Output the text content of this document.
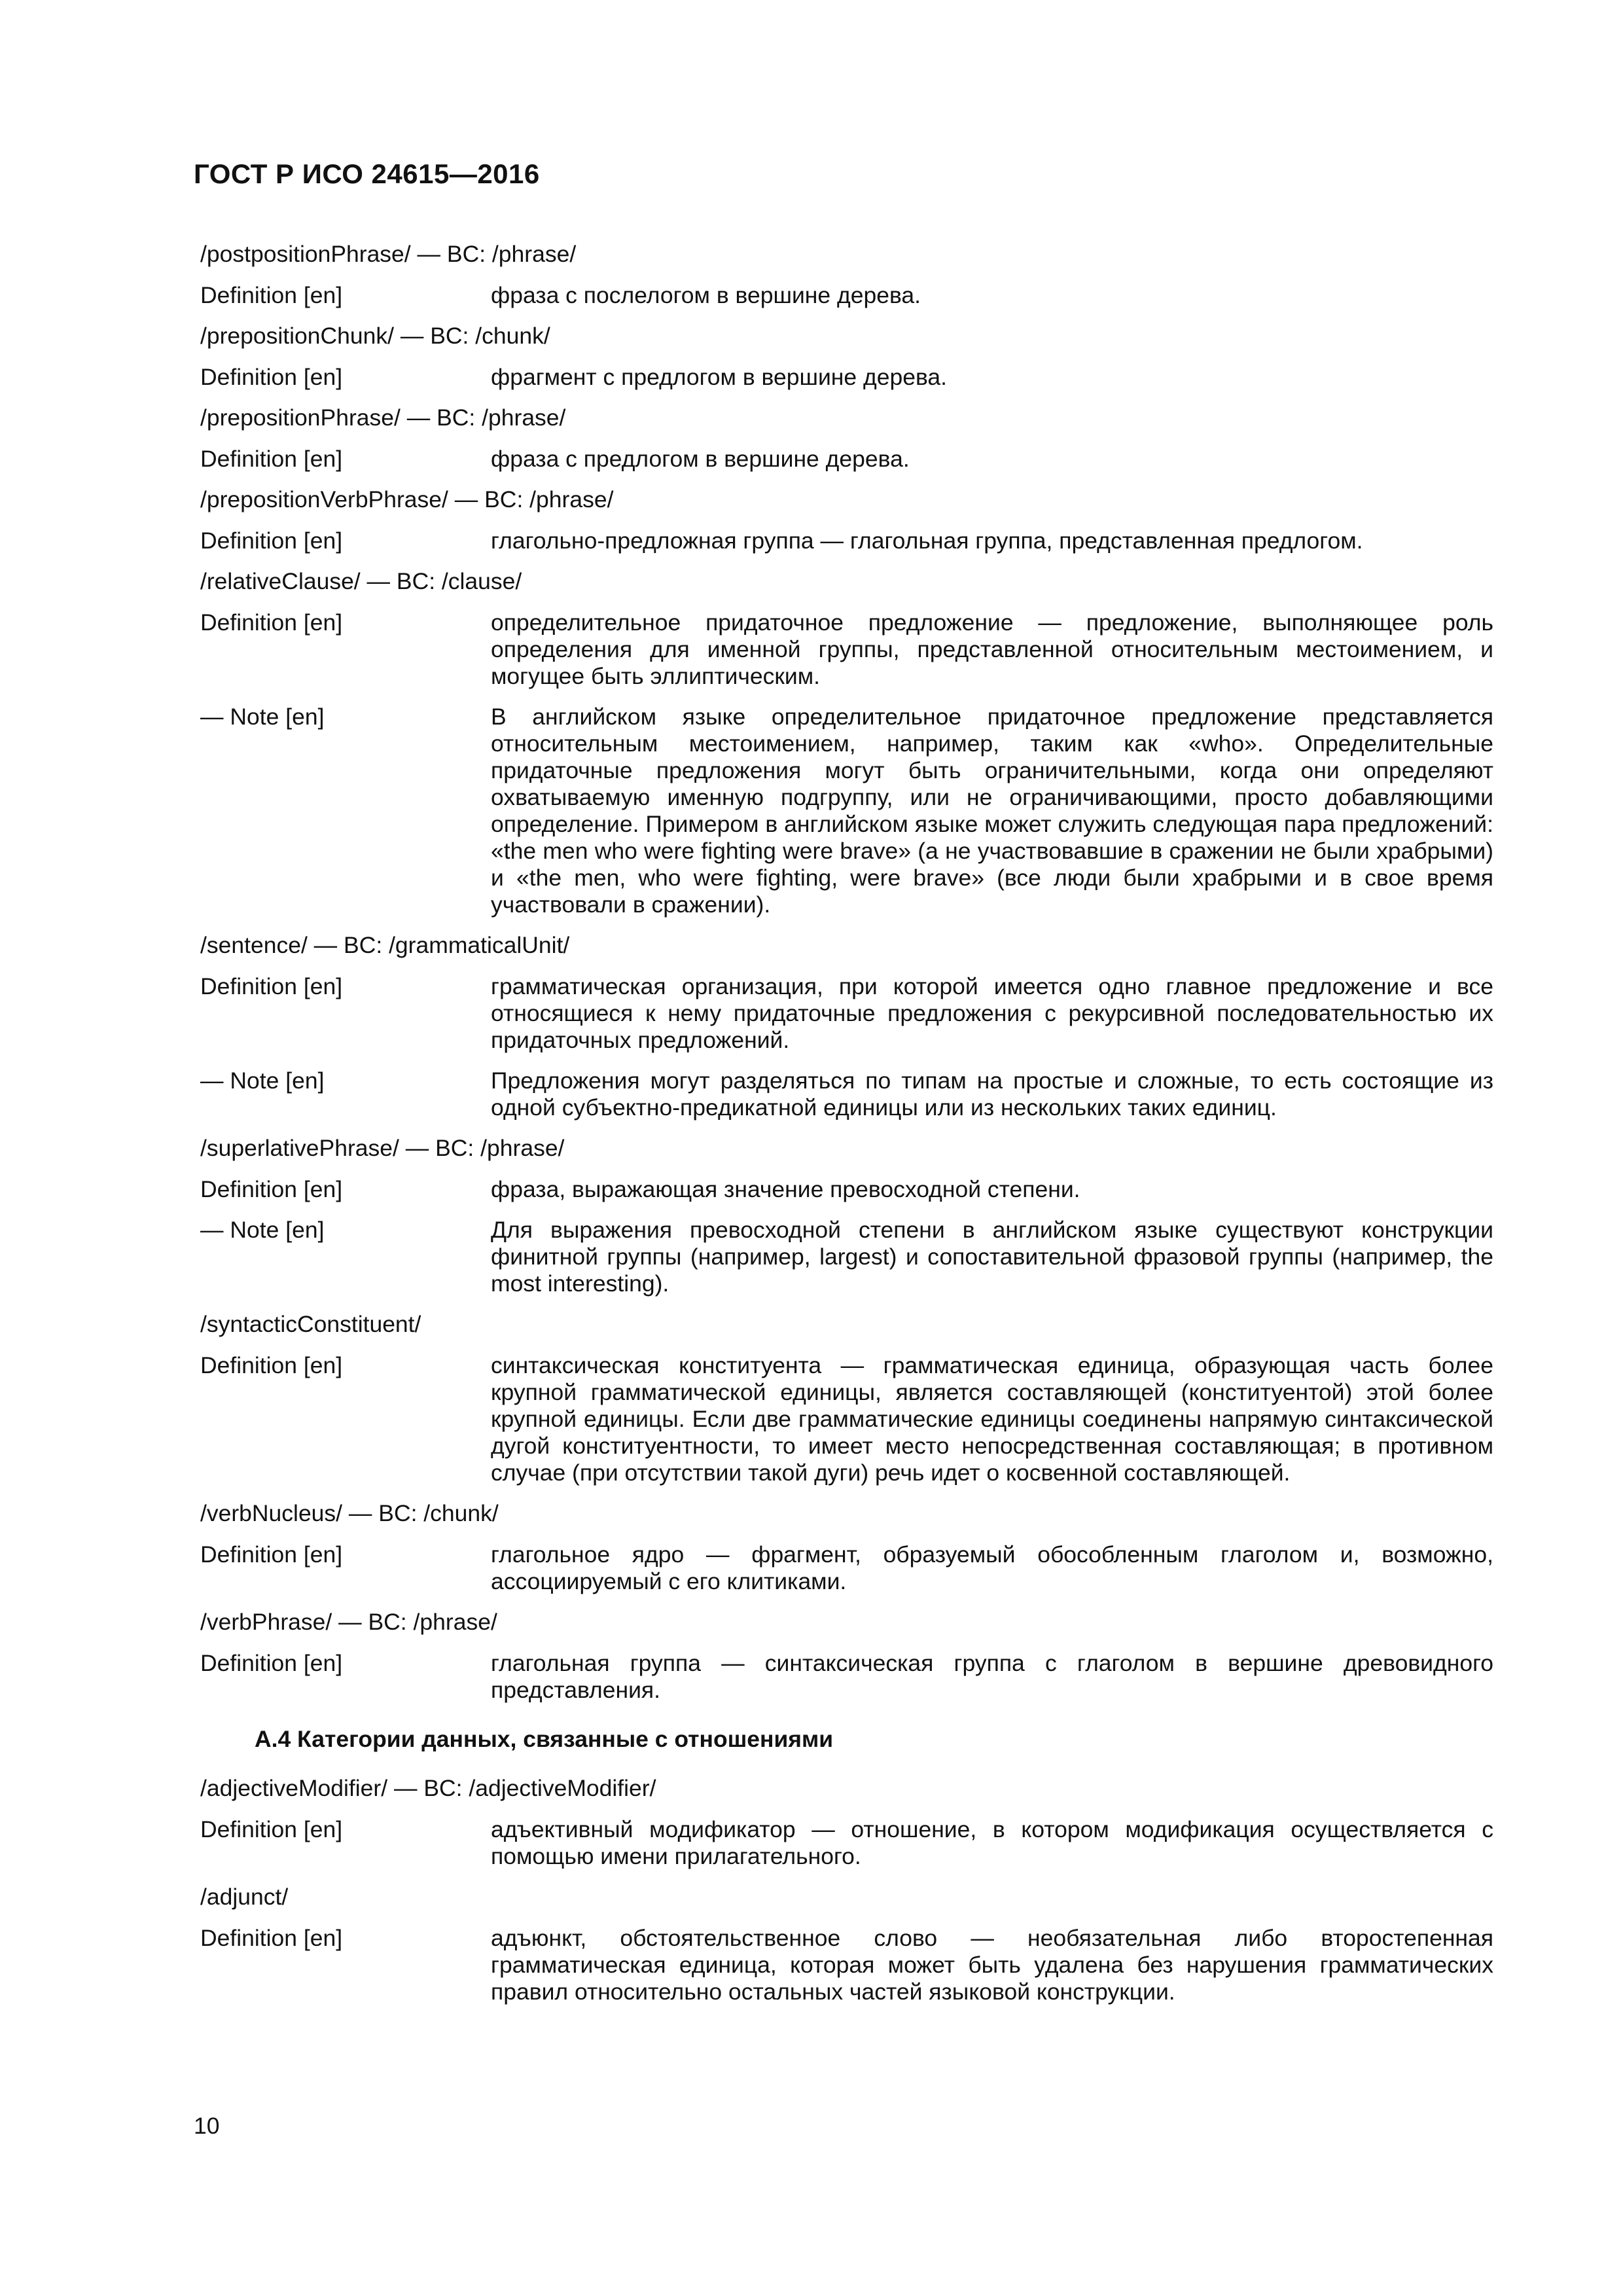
ГОСТ Р ИСО 24615—2016
/postpositionPhrase/ — BC: /phrase/
Definition [en]	фраза с послелогом в вершине дерева.
/prepositionChunk/ — BC: /chunk/
Definition [en]	фрагмент с предлогом в вершине дерева.
/prepositionPhrase/ — BC: /phrase/
Definition [en]	фраза с предлогом в вершине дерева.
/prepositionVerbPhrase/ — BC: /phrase/
Definition [en]	глагольно-предложная группа — глагольная группа, представленная предлогом.
/relativeClause/ — BC: /clause/
Definition [en]	определительное придаточное предложение — предложение, выполняющее роль определения для именной группы, представленной относительным местоимением, и могущее быть эллиптическим.
— Note [en]	В английском языке определительное придаточное предложение представляется относительным местоимением, например, таким как «who». Определительные придаточные предложения могут быть ограничительными, когда они определяют охватываемую именную подгруппу, или не ограничивающими, просто добавляющими определение. Примером в английском языке может служить следующая пара предложений: «the men who were fighting were brave» (а не участвовавшие в сражении не были храбрыми) и «the men, who were fighting, were brave» (все люди были храбрыми и в свое время участвовали в сражении).
/sentence/ — BC: /grammaticalUnit/
Definition [en]	грамматическая организация, при которой имеется одно главное предложение и все относящиеся к нему придаточные предложения с рекурсивной последовательностью их придаточных предложений.
— Note [en]	Предложения могут разделяться по типам на простые и сложные, то есть состоящие из одной субъектно-предикатной единицы или из нескольких таких единиц.
/superlativePhrase/ — BC: /phrase/
Definition [en]	фраза, выражающая значение превосходной степени.
— Note [en]	Для выражения превосходной степени в английском языке существуют конструкции финитной группы (например, largest) и сопоставительной фразовой группы (например, the most interesting).
/syntacticConstituent/
Definition [en]	синтаксическая конституента — грамматическая единица, образующая часть более крупной грамматической единицы, является составляющей (конституентой) этой более крупной единицы. Если две грамматические единицы соединены напрямую синтаксической дугой конституентности, то имеет место непосредственная составляющая; в противном случае (при отсутствии такой дуги) речь идет о косвенной составляющей.
/verbNucleus/ — BC: /chunk/
Definition [en]	глагольное ядро — фрагмент, образуемый обособленным глаголом и, возможно, ассоциируемый с его клитиками.
/verbPhrase/ — BC: /phrase/
Definition [en]	глагольная группа — синтаксическая группа с глаголом в вершине древовидного представления.
А.4 Категории данных, связанные с отношениями
/adjectiveModifier/ — BC: /adjectiveModifier/
Definition [en]	адъективный модификатор — отношение, в котором модификация осуществляется с помощью имени прилагательного.
/adjunct/
Definition [en]	адъюнкт, обстоятельственное слово — необязательная либо второстепенная грамматическая единица, которая может быть удалена без нарушения грамматических правил относительно остальных частей языковой конструкции.
10
